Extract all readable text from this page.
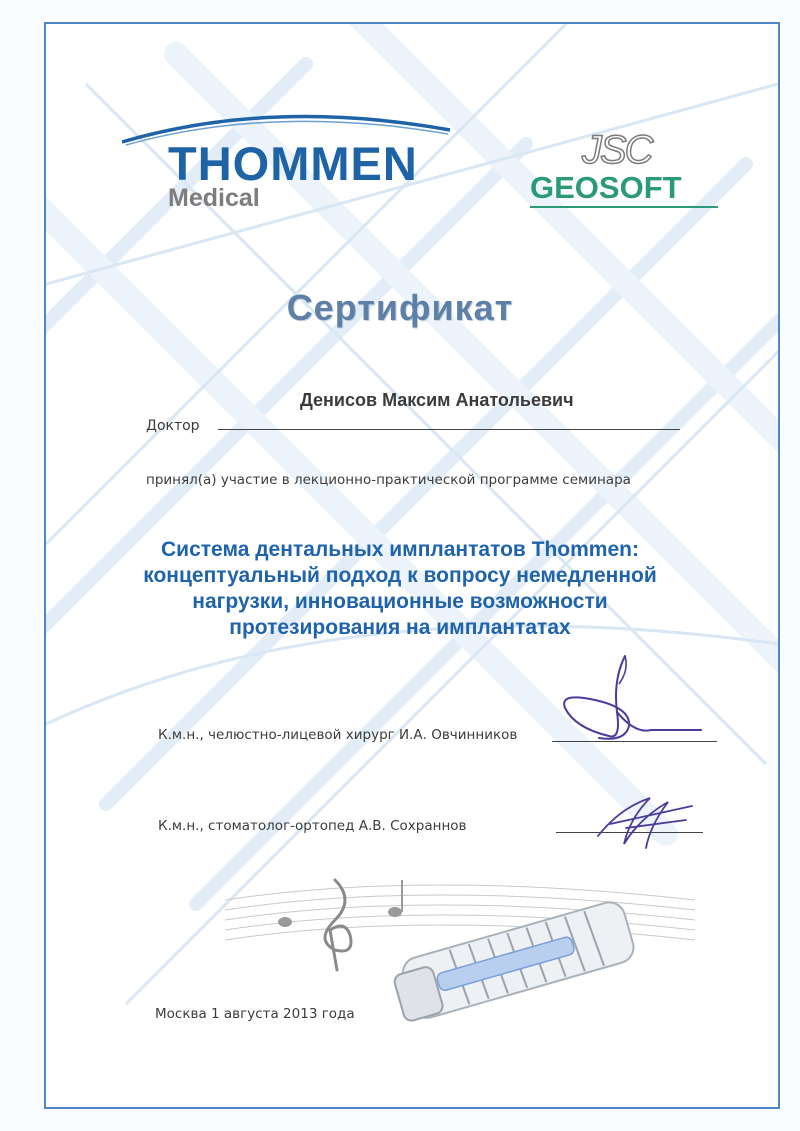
THOMMEN
Medical
JSC
GEOSOFT
Сертификат
Денисов Максим Анатольевич
Доктор
принял(а) участие в лекционно-практической программе семинара
Система дентальных имплантатов Thommen:
концептуальный подход к вопросу немедленной
нагрузки, инновационные возможности
протезирования на имплантатах
К.м.н., челюстно-лицевой хирург И.А. Овчинников
К.м.н., стоматолог-ортопед А.В. Сохраннов
Москва 1 августа 2013 года
